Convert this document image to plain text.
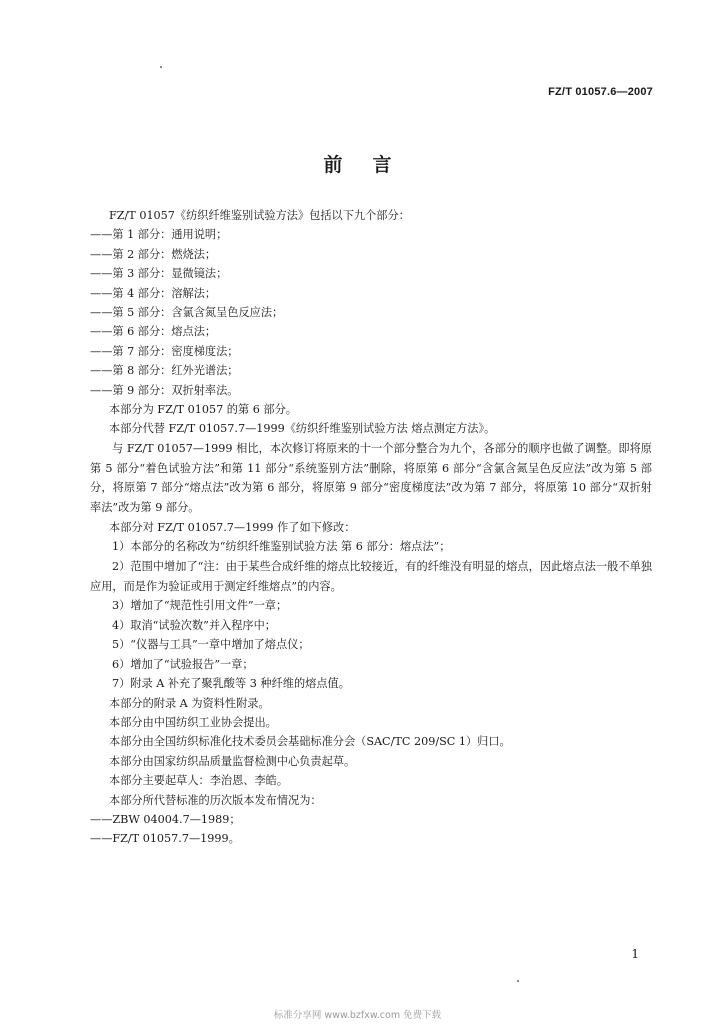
FZ/T 01057.6—2007
前言
FZ/T 01057《纺织纤维鉴别试验方法》包括以下九个部分：
——第 1 部分：通用说明；
——第 2 部分：燃烧法；
——第 3 部分：显微镜法；
——第 4 部分：溶解法；
——第 5 部分：含氯含氮呈色反应法；
——第 6 部分：熔点法；
——第 7 部分：密度梯度法；
——第 8 部分：红外光谱法；
——第 9 部分：双折射率法。
本部分为 FZ/T 01057 的第 6 部分。
本部分代替 FZ/T 01057.7—1999《纺织纤维鉴别试验方法 熔点测定方法》。
与 FZ/T 01057—1999 相比，本次修订将原来的十一个部分整合为九个，各部分的顺序也做了调整。即将原第 5 部分“着色试验方法”和第 11 部分“系统鉴别方法”删除，将原第 6 部分“含氯含氮呈色反应法”改为第 5 部分，将原第 7 部分“熔点法”改为第 6 部分，将原第 9 部分“密度梯度法”改为第 7 部分，将原第 10 部分“双折射率法”改为第 9 部分。
本部分对 FZ/T 01057.7—1999 作了如下修改：
1）本部分的名称改为“纺织纤维鉴别试验方法 第 6 部分：熔点法”；
2）范围中增加了“注：由于某些合成纤维的熔点比较接近，有的纤维没有明显的熔点，因此熔点法一般不单独应用，而是作为验证或用于测定纤维熔点”的内容。
3）增加了“规范性引用文件”一章；
4）取消“试验次数”并入程序中；
5）“仪器与工具”一章中增加了熔点仪；
6）增加了“试验报告”一章；
7）附录 A 补充了聚乳酸等 3 种纤维的熔点值。
本部分的附录 A 为资料性附录。
本部分由中国纺织工业协会提出。
本部分由全国纺织标准化技术委员会基础标准分会（SAC/TC 209/SC 1）归口。
本部分由国家纺织品质量监督检测中心负责起草。
本部分主要起草人：李治恩、李皓。
本部分所代替标准的历次版本发布情况为：
——ZBW 04004.7—1989；
——FZ/T 01057.7—1999。
1
标准分享网 www.bzfxw.com 免费下载
